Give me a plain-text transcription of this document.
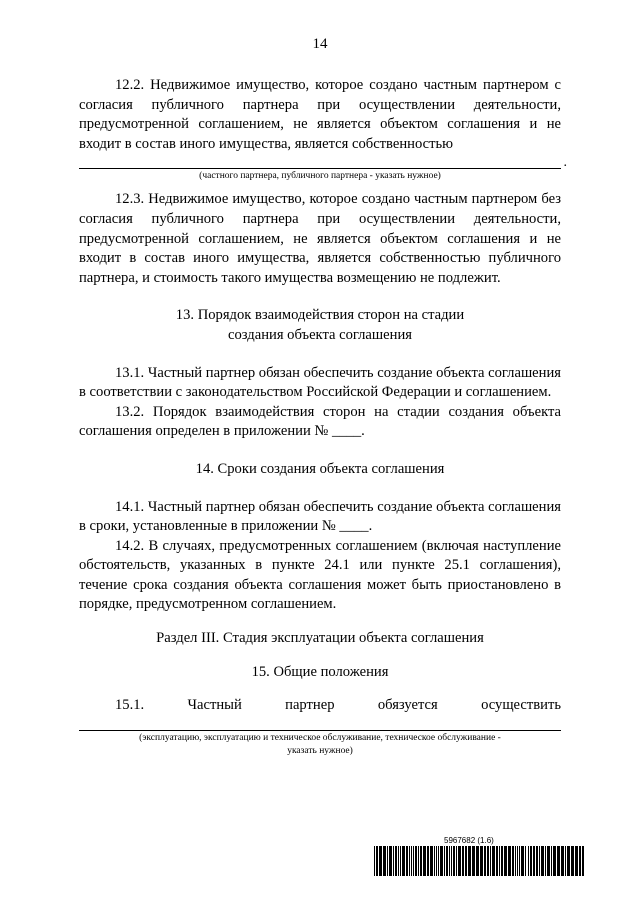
14

12.2. Недвижимое имущество, которое создано частным партнером с согласия публичного партнера при осуществлении деятельности, предусмотренной соглашением, не является объектом соглашения и не входит в состав иного имущества, является собственностью

.

(частного партнера, публичного партнера - указать нужное)

12.3. Недвижимое имущество, которое создано частным партнером без согласия публичного партнера при осуществлении деятельности, предусмотренной соглашением, не является объектом соглашения и не входит в состав иного имущества, является собственностью публичного партнера, и стоимость такого имущества возмещению не подлежит.

13. Порядок взаимодействия сторон на стадии

создания объекта соглашения

13.1. Частный партнер обязан обеспечить создание объекта соглашения в соответствии с законодательством Российской Федерации и соглашением.

13.2. Порядок взаимодействия сторон на стадии создания объекта соглашения определен в приложении № ____.

14. Сроки создания объекта соглашения

14.1. Частный партнер обязан обеспечить создание объекта соглашения в сроки, установленные в приложении № ____.

14.2. В случаях, предусмотренных соглашением (включая наступление обстоятельств, указанных в пункте 24.1 или пункте 25.1 соглашения), течение срока создания объекта соглашения может быть приостановлено в порядке, предусмотренном соглашением.

Раздел III. Стадия эксплуатации объекта соглашения

15. Общие положения

15.1. Частный партнер обязуется осуществить

(эксплуатацию, эксплуатацию и техническое обслуживание, техническое обслуживание -

указать нужное)

5967682 (1.6)
